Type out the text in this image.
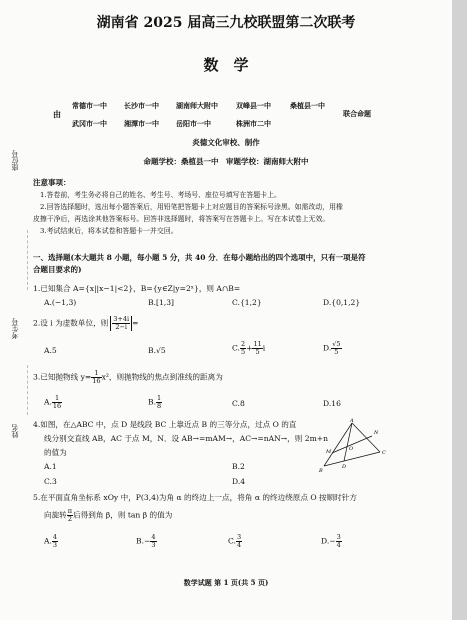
座位号
考生号
姓名
湖南省 2025 届高三九校联盟第二次联考
数　学
由
常德市一中 长沙市一中 湖南师大附中	双峰县一中	桑植县一中
武冈市一中 湘潭市一中 岳阳市一中	株洲市二中
联合命题
炎德文化审校、制作
命题学校：桑植县一中　审题学校：湖南师大附中
注意事项：
1.答卷前，考生务必将自己的姓名、考生号、考场号、座位号填写在答题卡上。
2.回答选择题时，选出每小题答案后，用铅笔把答题卡上对应题目的答案标号涂黑。如需改动，用橡
皮擦干净后，再选涂其他答案标号。回答非选择题时，将答案写在答题卡上。写在本试卷上无效。
3.考试结束后，将本试卷和答题卡一并交回。
一、选择题(本大题共 8 小题，每小题 5 分，共 40 分．在每小题给出的四个选项中，只有一项是符
合题目要求的)
1.已知集合 A={x||x−1|<2}，B={y∈Z|y=2ˣ}，则 A∩B=
A.(−1,3)	B.[1,3]	C.{1,2}	D.{0,1,2}
2.设 i 为虚数单位，则 $\frac{3+4i}{2-i}$ =
A.5	B.√5	C. $\frac{2}{5} + \frac{11}{5}$ i	D. $\frac{√5}{5}$
3.已知抛物线 $y= \frac{1}{16} x^2$，则抛物线的焦点到准线的距离为
A. $\frac{1}{16}$	B. $\frac{1}{8}$	C.8	D.16
4.如图，在△ABC 中，点 D 是线段 BC 上靠近点 B 的三等分点，过点 O 的直
线分别交直线 AB，AC 于点 M，N．设 AB→=mAM→，AC→=nAN→，则 2m+n
的值为
A.1	B.2
C.3	D.4
A
N
M	O
B
D
C
5.在平面直角坐标系 xOy 中，P(3,4)为角 α 的终边上一点，将角 α 的终边绕原点 O 按顺时针方
向旋转 $\frac{\pi}{2}$ 后得到角 β，则 tan β 的值为
A. $\frac{4}{3}$	$B.- \frac{4}{3}$	C. $\frac{3}{4}$	$D.- \frac{3}{4}$
数学试题 第 1 页(共 5 页)
